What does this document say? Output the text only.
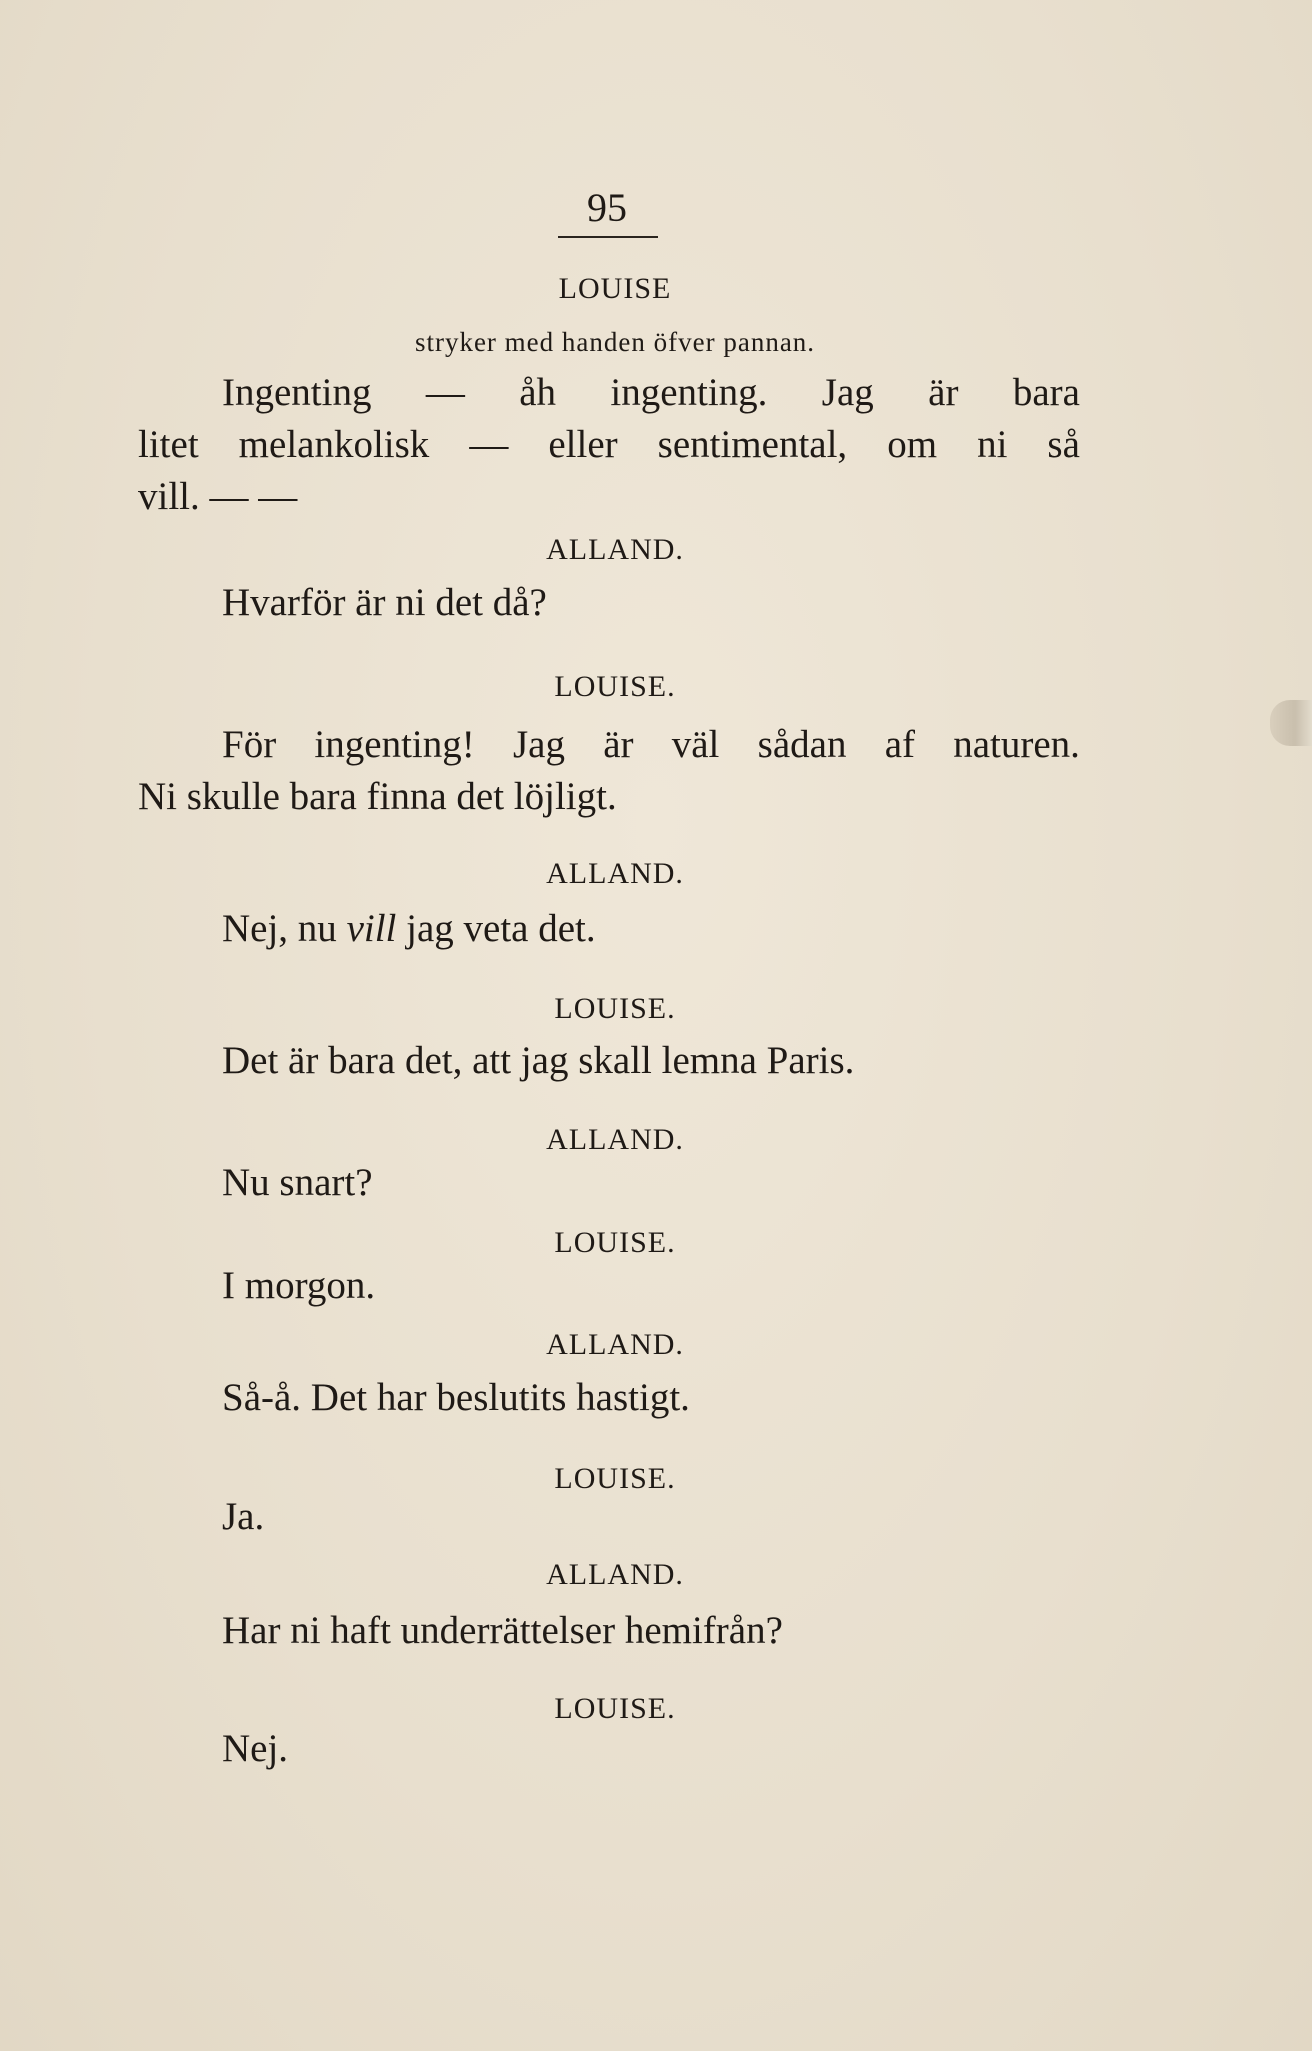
95
LOUISE
stryker med handen öfver pannan.
Ingenting — åh ingenting. Jag är bara
litet melankolisk — eller sentimental, om ni så
vill. — —
ALLAND.
Hvarför är ni det då?
LOUISE.
För ingenting! Jag är väl sådan af naturen.
Ni skulle bara finna det löjligt.
ALLAND.
Nej, nu vill jag veta det.
LOUISE.
Det är bara det, att jag skall lemna Paris.
ALLAND.
Nu snart?
LOUISE.
I morgon.
ALLAND.
Så-å. Det har beslutits hastigt.
LOUISE.
Ja.
ALLAND.
Har ni haft underrättelser hemifrån?
LOUISE.
Nej.
